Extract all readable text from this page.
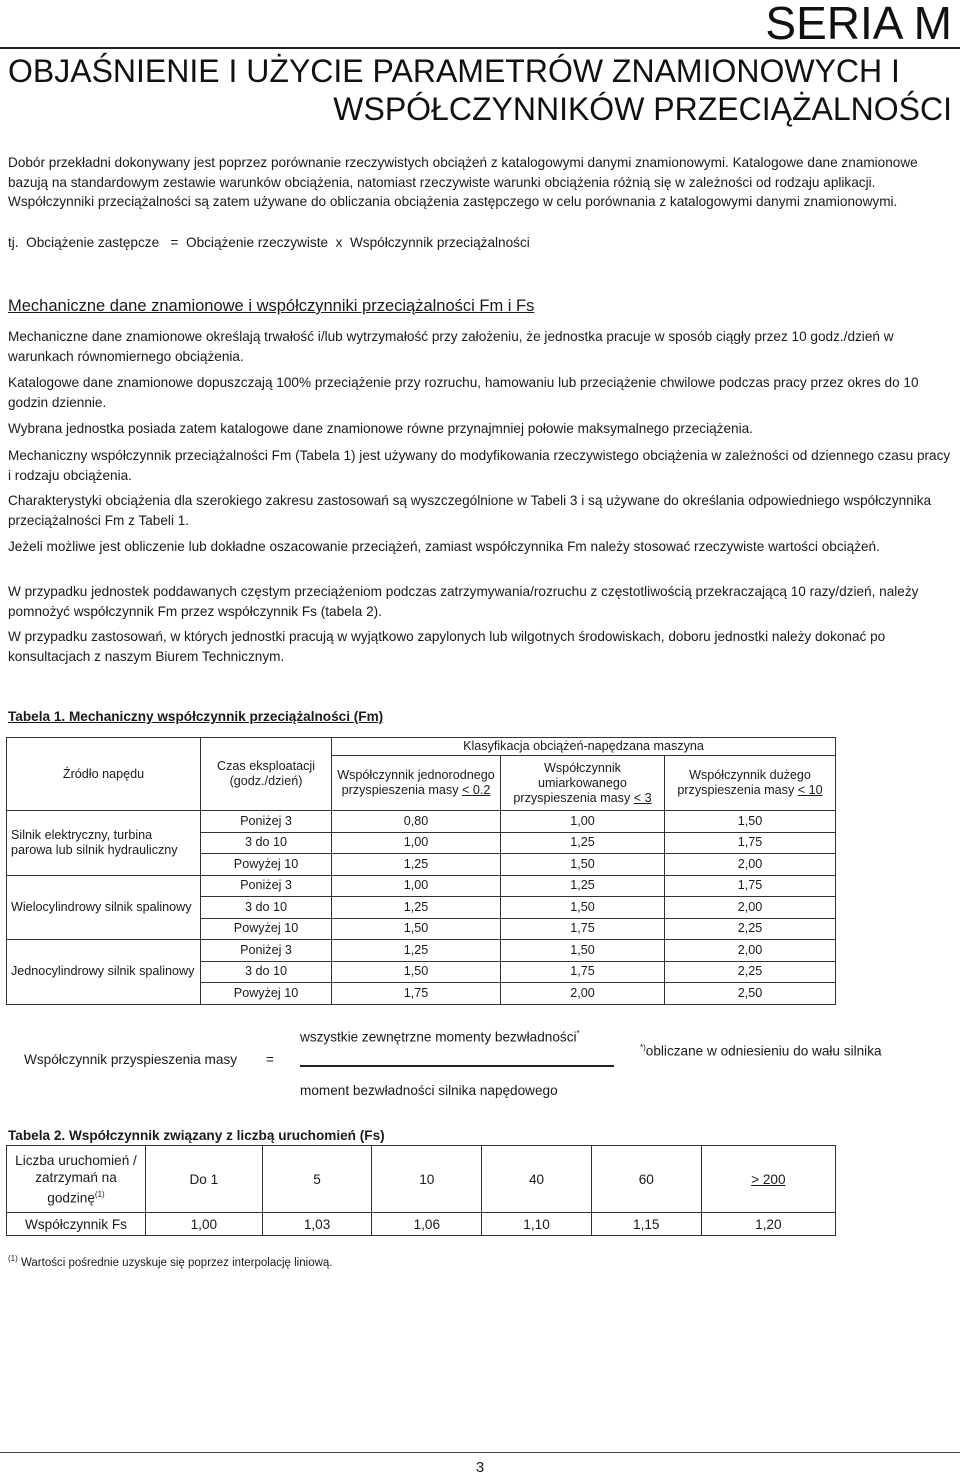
SERIA M
OBJAŚNIENIE I UŻYCIE PARAMETRÓW ZNAMIONOWYCH I
WSPÓŁCZYNNIKÓW PRZECIĄŻALNOŚCI
Dobór przekładni dokonywany jest poprzez porównanie rzeczywistych obciążeń z katalogowymi danymi znamionowymi. Katalogowe dane znamionowe bazują na standardowym zestawie warunków obciążenia, natomiast rzeczywiste warunki obciążenia różnią się w zależności od rodzaju aplikacji. Współczynniki przeciążalności są zatem używane do obliczania obciążenia zastępczego w celu porównania z katalogowymi danymi znamionowymi.
tj. Obciążenie zastępcze = Obciążenie rzeczywiste x Współczynnik przeciążalności
Mechaniczne dane znamionowe i współczynniki przeciążalności Fm i Fs
Mechaniczne dane znamionowe określają trwałość i/lub wytrzymałość przy założeniu, że jednostka pracuje w sposób ciągły przez 10 godz./dzień w warunkach równomiernego obciążenia.
Katalogowe dane znamionowe dopuszczają 100% przeciążenie przy rozruchu, hamowaniu lub przeciążenie chwilowe podczas pracy przez okres do 10 godzin dziennie.
Wybrana jednostka posiada zatem katalogowe dane znamionowe równe przynajmniej połowie maksymalnego przeciążenia.
Mechaniczny współczynnik przeciążalności Fm (Tabela 1) jest używany do modyfikowania rzeczywistego obciążenia w zależności od dziennego czasu pracy i rodzaju obciążenia.
Charakterystyki obciążenia dla szerokiego zakresu zastosowań są wyszczególnione w Tabeli 3 i są używane do określania odpowiedniego współczynnika przeciążalności Fm z Tabeli 1.
Jeżeli możliwe jest obliczenie lub dokładne oszacowanie przeciążeń, zamiast współczynnika Fm należy stosować rzeczywiste wartości obciążeń.
W przypadku jednostek poddawanych częstym przeciążeniom podczas zatrzymywania/rozruchu z częstotliwością przekraczającą 10 razy/dzień, należy pomnożyć współczynnik Fm przez współczynnik Fs (tabela 2).
W przypadku zastosowań, w których jednostki pracują w wyjątkowo zapylonych lub wilgotnych środowiskach, doboru jednostki należy dokonać po konsultacjach z naszym Biurem Technicznym.
Tabela 1. Mechaniczny współczynnik przeciążalności (Fm)
Źródło napędu	Czas eksploatacji (godz./dzień)	Klasyfikacja obciążeń-napędzana maszyna		
		Współczynnik jednorodnego przyspieszenia masy < 0.2	Współczynnik umiarkowanego przyspieszenia masy < 3	Współczynnik dużego przyspieszenia masy < 10
Silnik elektryczny, turbina parowa lub silnik hydrauliczny	Poniżej 3	0,80	1,00	1,50
	3 do 10	1,00	1,25	1,75
	Powyżej 10	1,25	1,50	2,00
Wielocylindrowy silnik spalinowy	Poniżej 3	1,00	1,25	1,75
	3 do 10	1,25	1,50	2,00
	Powyżej 10	1,50	1,75	2,25
Jednocylindrowy silnik spalinowy	Poniżej 3	1,25	1,50	2,00
	3 do 10	1,50	1,75	2,25
	Powyżej 10	1,75	2,00	2,50
Współczynnik przyspieszenia masy =
wszystkie zewnętrzne momenty bezwładności*
moment bezwładności silnika napędowego
*)obliczane w odniesieniu do wału silnika
Tabela 2. Współczynnik związany z liczbą uruchomień (Fs)
Liczba uruchomień / zatrzymań na godzinę$^{(1)}$	Do 1	5	10	40	60	> 200
Współczynnik Fs	1,00	1,03	1,06	1,10	1,15	1,20
$^{(1)}$ Wartości pośrednie uzyskuje się poprzez interpolację liniową.
3
